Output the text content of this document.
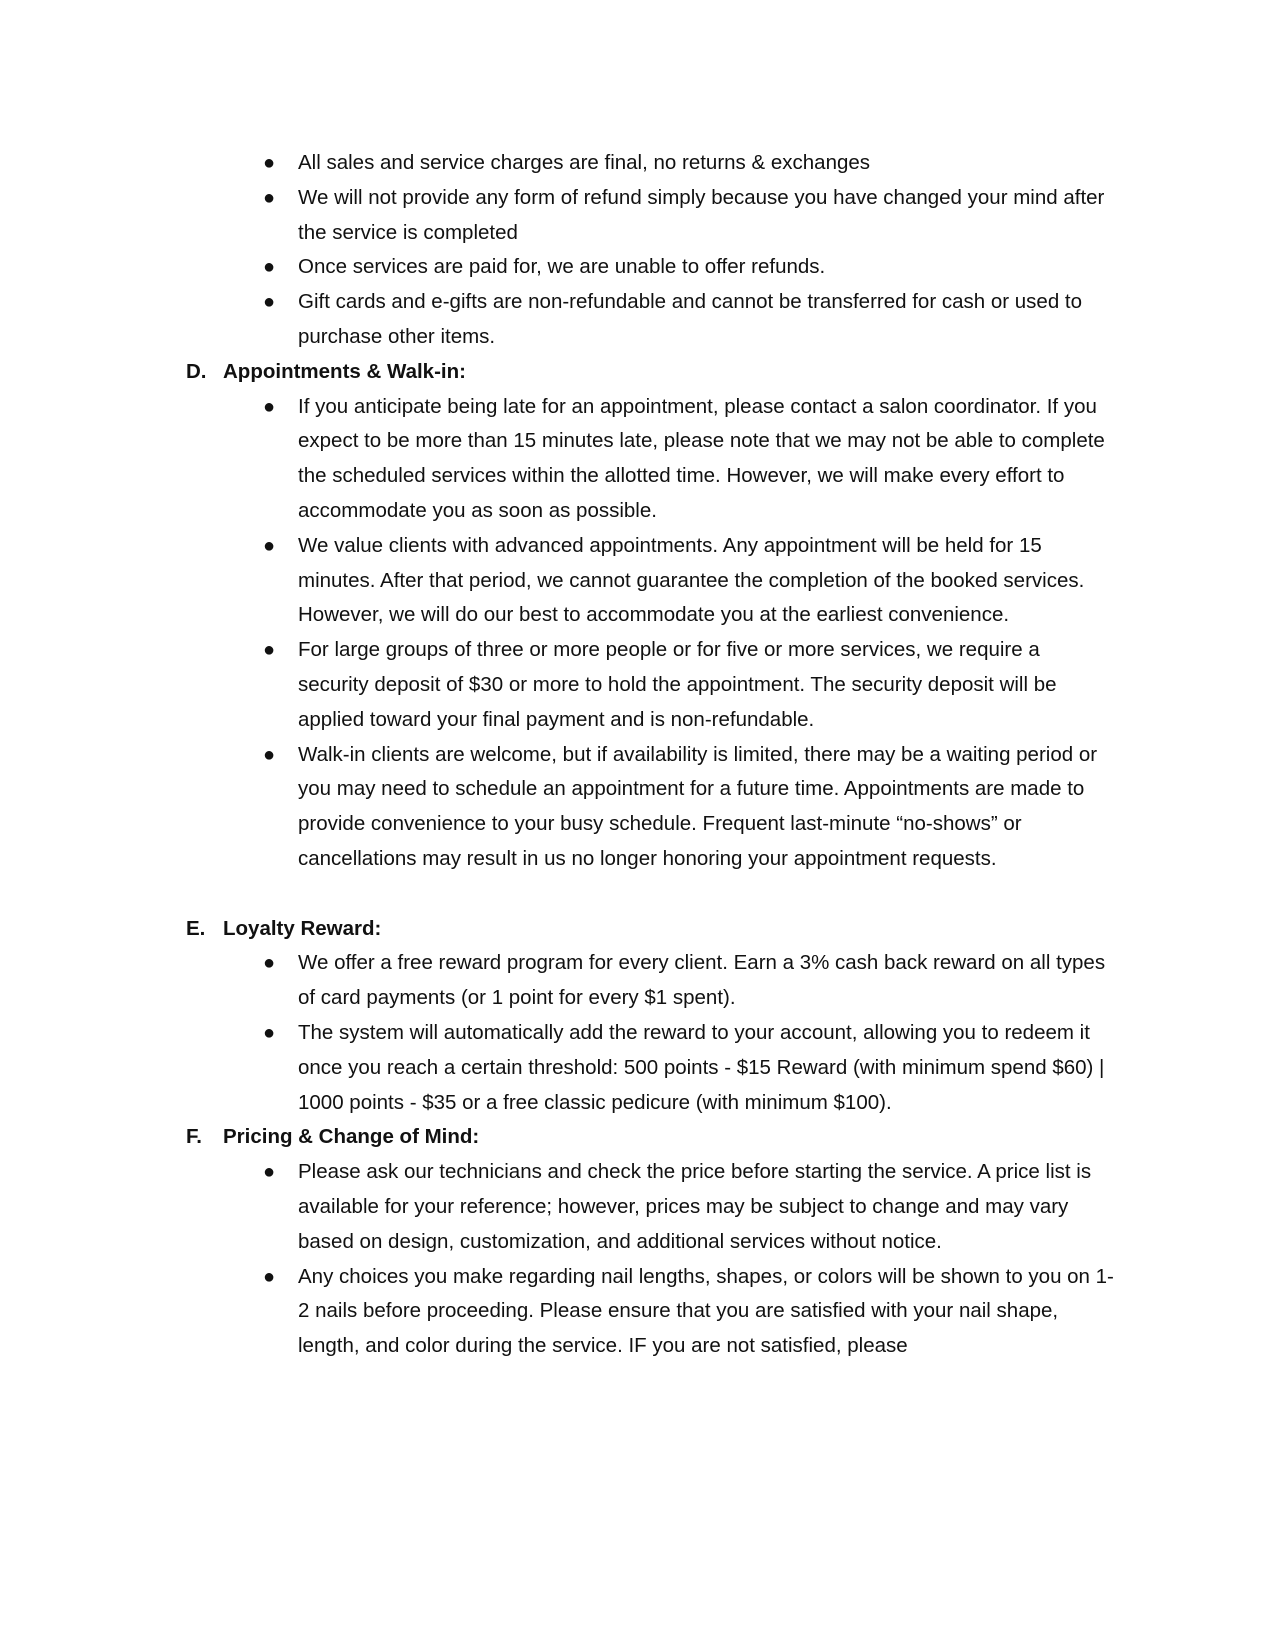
● All sales and service charges are final, no returns & exchanges
● We will not provide any form of refund simply because you have changed your mind after the service is completed
● Once services are paid for, we are unable to offer refunds.
● Gift cards and e-gifts are non-refundable and cannot be transferred for cash or used to purchase other items.
D. Appointments & Walk-in:
● If you anticipate being late for an appointment, please contact a salon coordinator. If you expect to be more than 15 minutes late, please note that we may not be able to complete the scheduled services within the allotted time. However, we will make every effort to accommodate you as soon as possible.
● We value clients with advanced appointments. Any appointment will be held for 15 minutes. After that period, we cannot guarantee the completion of the booked services. However, we will do our best to accommodate you at the earliest convenience.
● For large groups of three or more people or for five or more services, we require a security deposit of $30 or more to hold the appointment. The security deposit will be applied toward your final payment and is non-refundable.
● Walk-in clients are welcome, but if availability is limited, there may be a waiting period or you may need to schedule an appointment for a future time. Appointments are made to provide convenience to your busy schedule. Frequent last-minute “no-shows” or cancellations may result in us no longer honoring your appointment requests.
E. Loyalty Reward:
● We offer a free reward program for every client. Earn a 3% cash back reward on all types of card payments (or 1 point for every $1 spent).
● The system will automatically add the reward to your account, allowing you to redeem it once you reach a certain threshold: 500 points - $15 Reward (with minimum spend $60) | 1000 points - $35 or a free classic pedicure (with minimum $100).
F. Pricing & Change of Mind:
● Please ask our technicians and check the price before starting the service. A price list is available for your reference; however, prices may be subject to change and may vary based on design, customization, and additional services without notice.
● Any choices you make regarding nail lengths, shapes, or colors will be shown to you on 1-2 nails before proceeding. Please ensure that you are satisfied with your nail shape, length, and color during the service. IF you are not satisfied, please
